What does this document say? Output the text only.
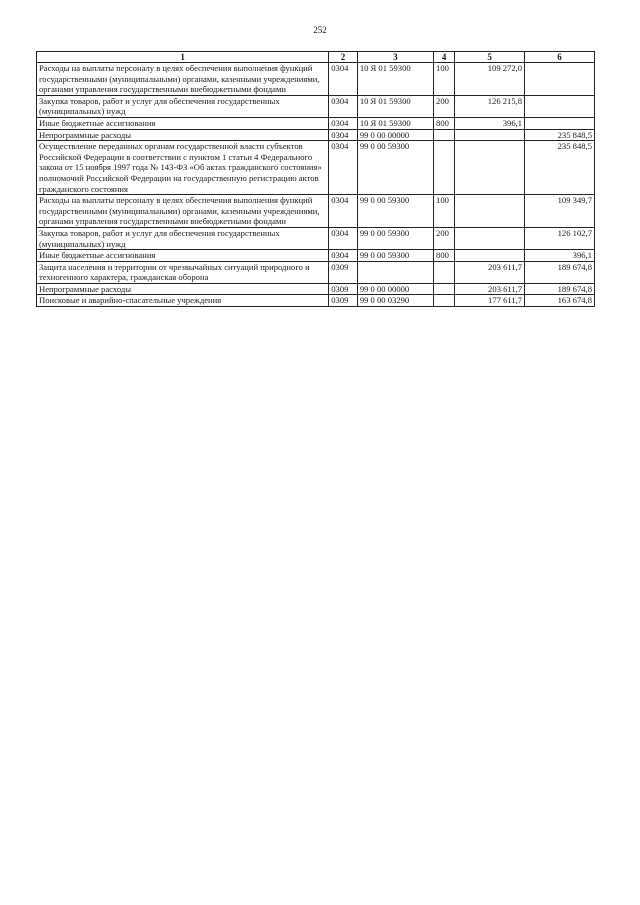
252
1	2	3	4	5	6
Расходы на выплаты персоналу в целях обеспечения выполнения функций государственными (муниципальными) органами, казенными учреждениями, органами управления государственными внебюджетными фондами	0304	10 Я 01 59300	100	109 272,0	
Закупка товаров, работ и услуг для обеспечения государственных (муниципальных) нужд	0304	10 Я 01 59300	200	126 215,8	
Иные бюджетные ассигнования	0304	10 Я 01 59300	800	396,1	
Непрограммные расходы	0304	99 0 00 00000			235 848,5
Осуществление переданных органам государственной власти субъектов Российской Федерации в соответствии с пунктом 1 статьи 4 Федерального закона от 15 ноября 1997 года № 143-ФЗ «Об актах гражданского состояния» полномочий Российской Федерации на государственную регистрацию актов гражданского состояния	0304	99 0 00 59300			235 848,5
Расходы на выплаты персоналу в целях обеспечения выполнения функций государственными (муниципальными) органами, казенными учреждениями, органами управления государственными внебюджетными фондами	0304	99 0 00 59300	100		109 349,7
Закупка товаров, работ и услуг для обеспечения государственных (муниципальных) нужд	0304	99 0 00 59300	200		126 102,7
Иные бюджетные ассигнования	0304	99 0 00 59300	800		396,1
Защита населения и территории от чрезвычайных ситуаций природного и техногенного характера, гражданская оборона	0309			203 611,7	189 674,8
Непрограммные расходы	0309	99 0 00 00000		203 611,7	189 674,8
Поисковые и аварийно-спасательные учреждения	0309	99 0 00 03290		177 611,7	163 674,8
